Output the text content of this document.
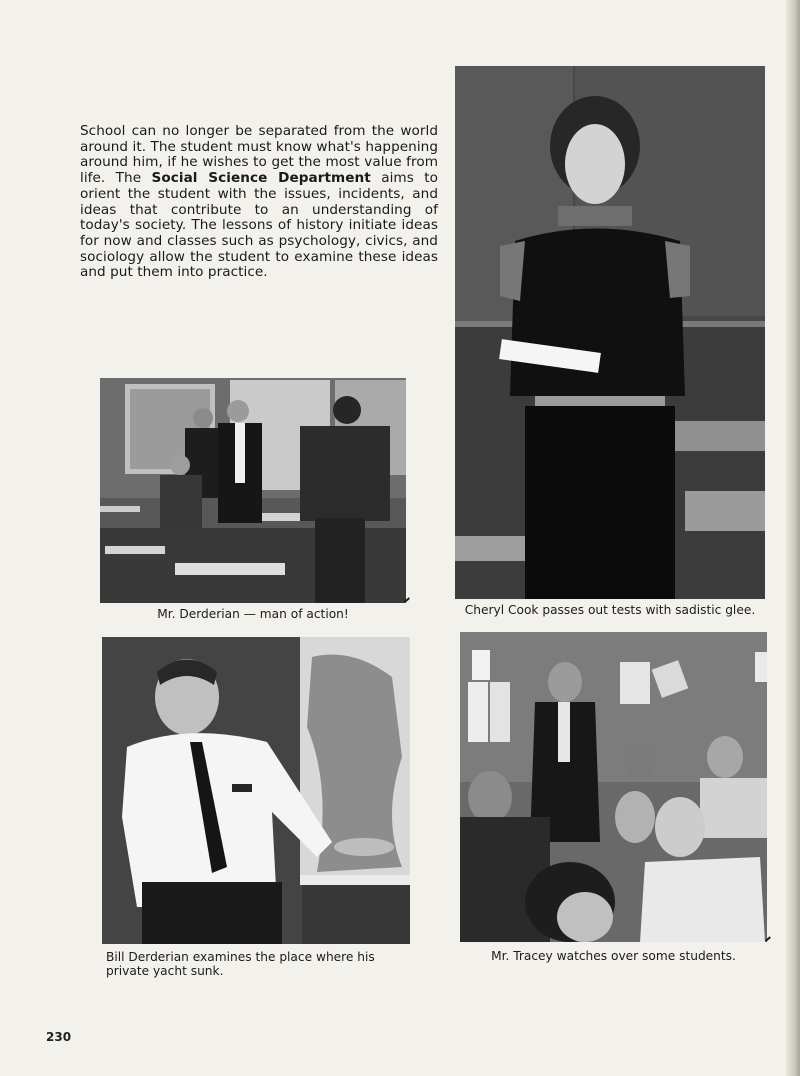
School can no longer be separated from the world around it. The student must know what's happening around him, if he wishes to get the most value from life. The Social Science Department aims to orient the student with the issues, incidents, and ideas that contribute to an understanding of today's society. The lessons of history initiate ideas for now and classes such as psychology, civics, and sociology allow the student to examine these ideas and put them into practice.

Mr. Derderian — man of action!	Cheryl Cook passes out tests with sadistic glee.
Bill Derderian examines the place where his private yacht sunk.
Mr. Tracey watches over some students.
230
